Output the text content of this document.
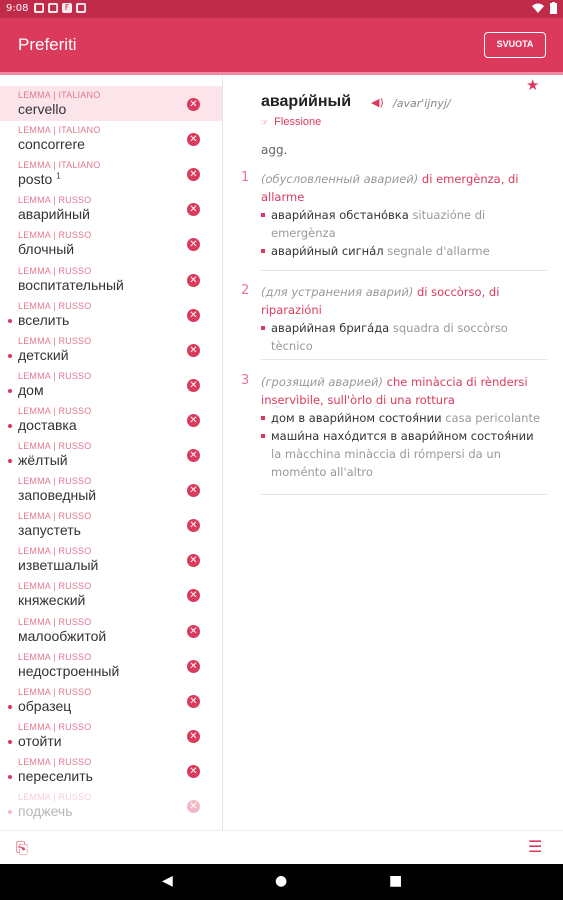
9:08 ■ ■ F ■
Preferiti	SVUOTA
LEMMA | ITALIANO
cervello	✕
LEMMA | ITALIANO
concorrere	✕
LEMMA | ITALIANO
posto $^1$	✕
LEMMA | RUSSO
аварийный	✕
LEMMA | RUSSO
блочный	✕
LEMMA | RUSSO
воспитательный	✕
LEMMA | RUSSO
вселить	✕
LEMMA | RUSSO
детский	✕
LEMMA | RUSSO
дом	✕
LEMMA | RUSSO
доставка	✕
LEMMA | RUSSO
жёлтый	✕
LEMMA | RUSSO
заповедный	✕
LEMMA | RUSSO
запустеть	✕
LEMMA | RUSSO
изветшалый	✕
LEMMA | RUSSO
княжеский	✕
LEMMA | RUSSO
малообжитой	✕
LEMMA | RUSSO
недостроенный	✕
LEMMA | RUSSO
образец	✕
LEMMA | RUSSO
отойти	✕
LEMMA | RUSSO
переселить	✕
LEMMA | RUSSO
поджечь	✕
★
авари́йный ◀) /avar'ijnyj/
☞ Flessione
agg.
1 (обусловленный аварией) di emergènza, di allarme
авари́йная обстано́вка situazióne di emergènza
авари́йный сигна́л segnale d'allarme
2 (для устранения аварий) di soccòrso, di riparazióni
авари́йная брига́да squadra di soccòrso tècnico
3 (грозящий аварией) che minàccia di rèndersi inservìbile, sull'òrlo di una rottura
дом в авари́йном состоя́нии casa pericolante
маши́на нахо́дится в авари́йном состоя́нии la màcchina minàccia di rómpersi da un moménto all'altro
⎘	☰
◀	●	■
